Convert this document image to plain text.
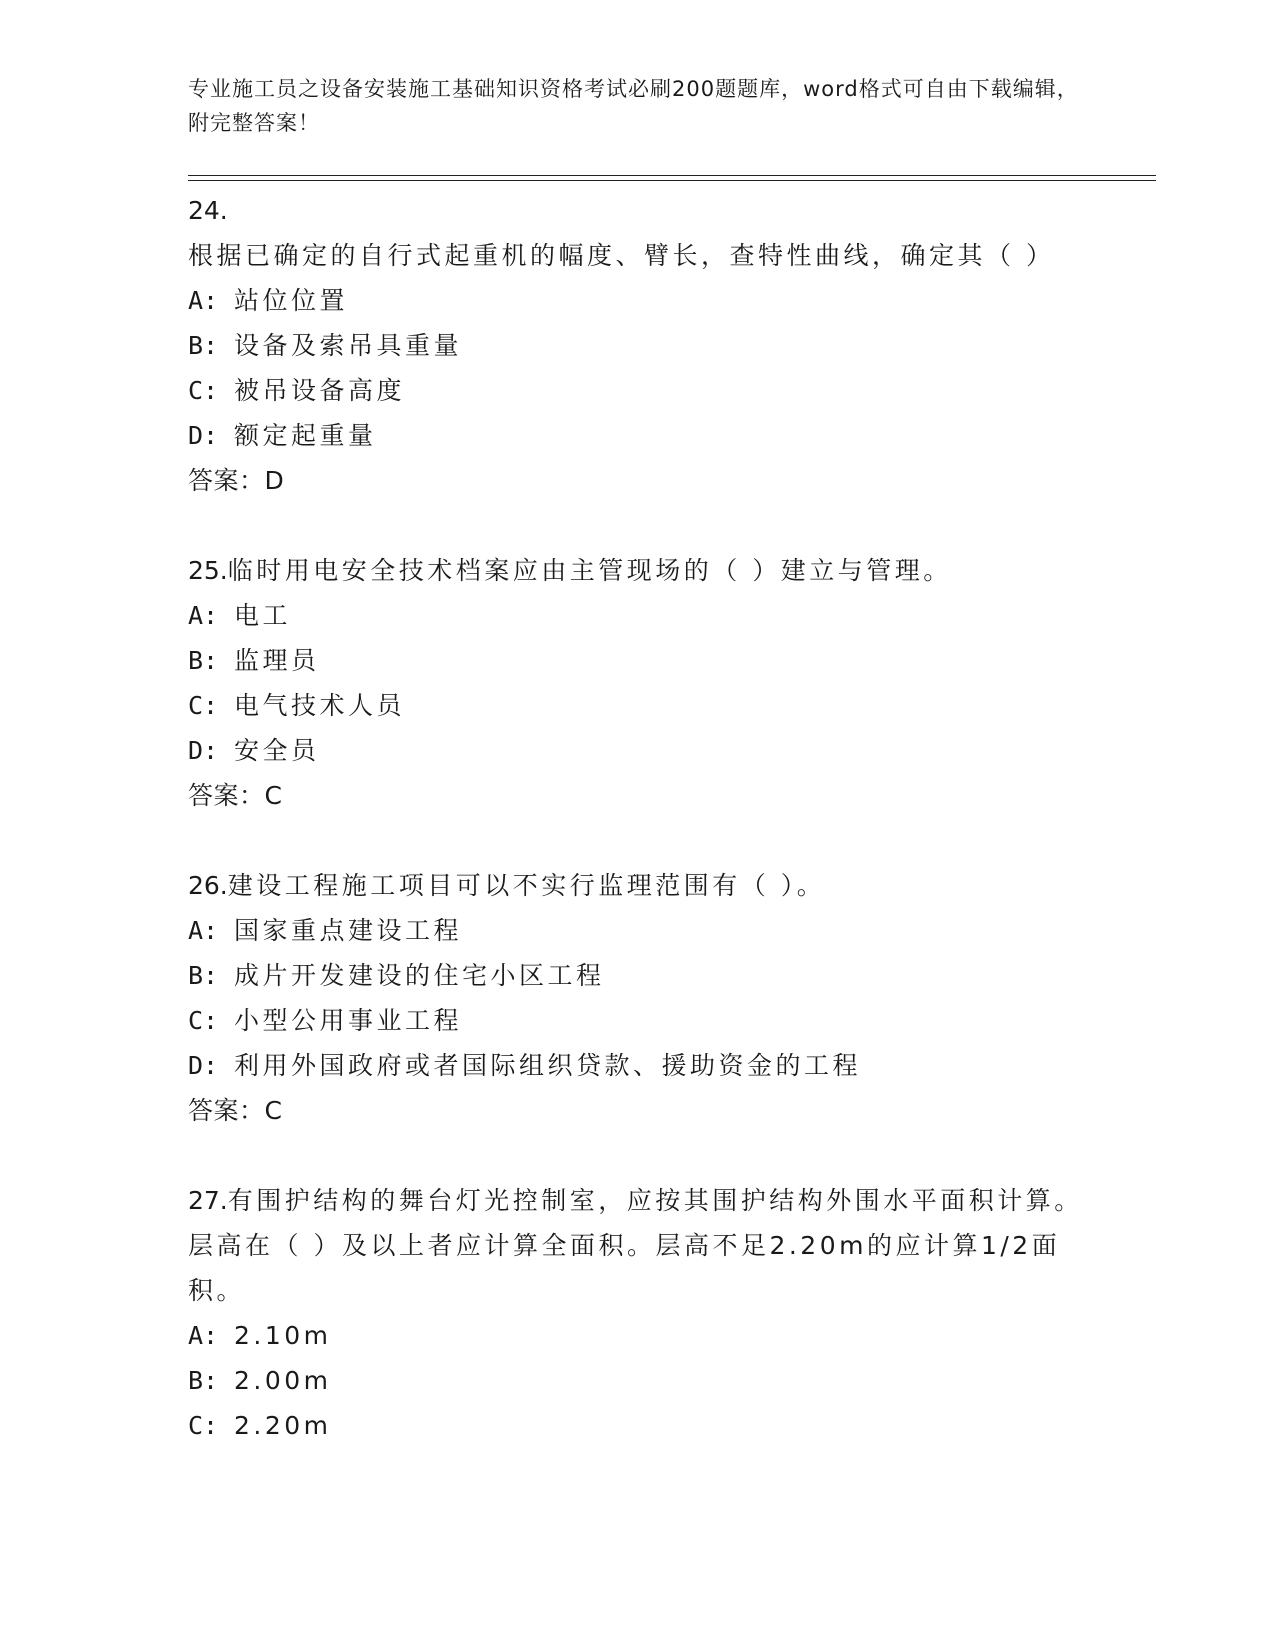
专业施工员之设备安装施工基础知识资格考试必刷200题题库，word格式可自由下载编辑，附完整答案！
24.根据已确定的自行式起重机的幅度、臂长，查特性曲线，确定其（ ）
A: 站位位置
B: 设备及索吊具重量
C: 被吊设备高度
D: 额定起重量
答案：D
25.临时用电安全技术档案应由主管现场的（ ）建立与管理。
A: 电工
B: 监理员
C: 电气技术人员
D: 安全员
答案：C
26.建设工程施工项目可以不实行监理范围有（ ）。
A: 国家重点建设工程
B: 成片开发建设的住宅小区工程
C: 小型公用事业工程
D: 利用外国政府或者国际组织贷款、援助资金的工程
答案：C
27.有围护结构的舞台灯光控制室，应按其围护结构外围水平面积计算。层高在（ ）及以上者应计算全面积。层高不足2.20m的应计算1/2面积。
A: 2.10m
B: 2.00m
C: 2.20m
